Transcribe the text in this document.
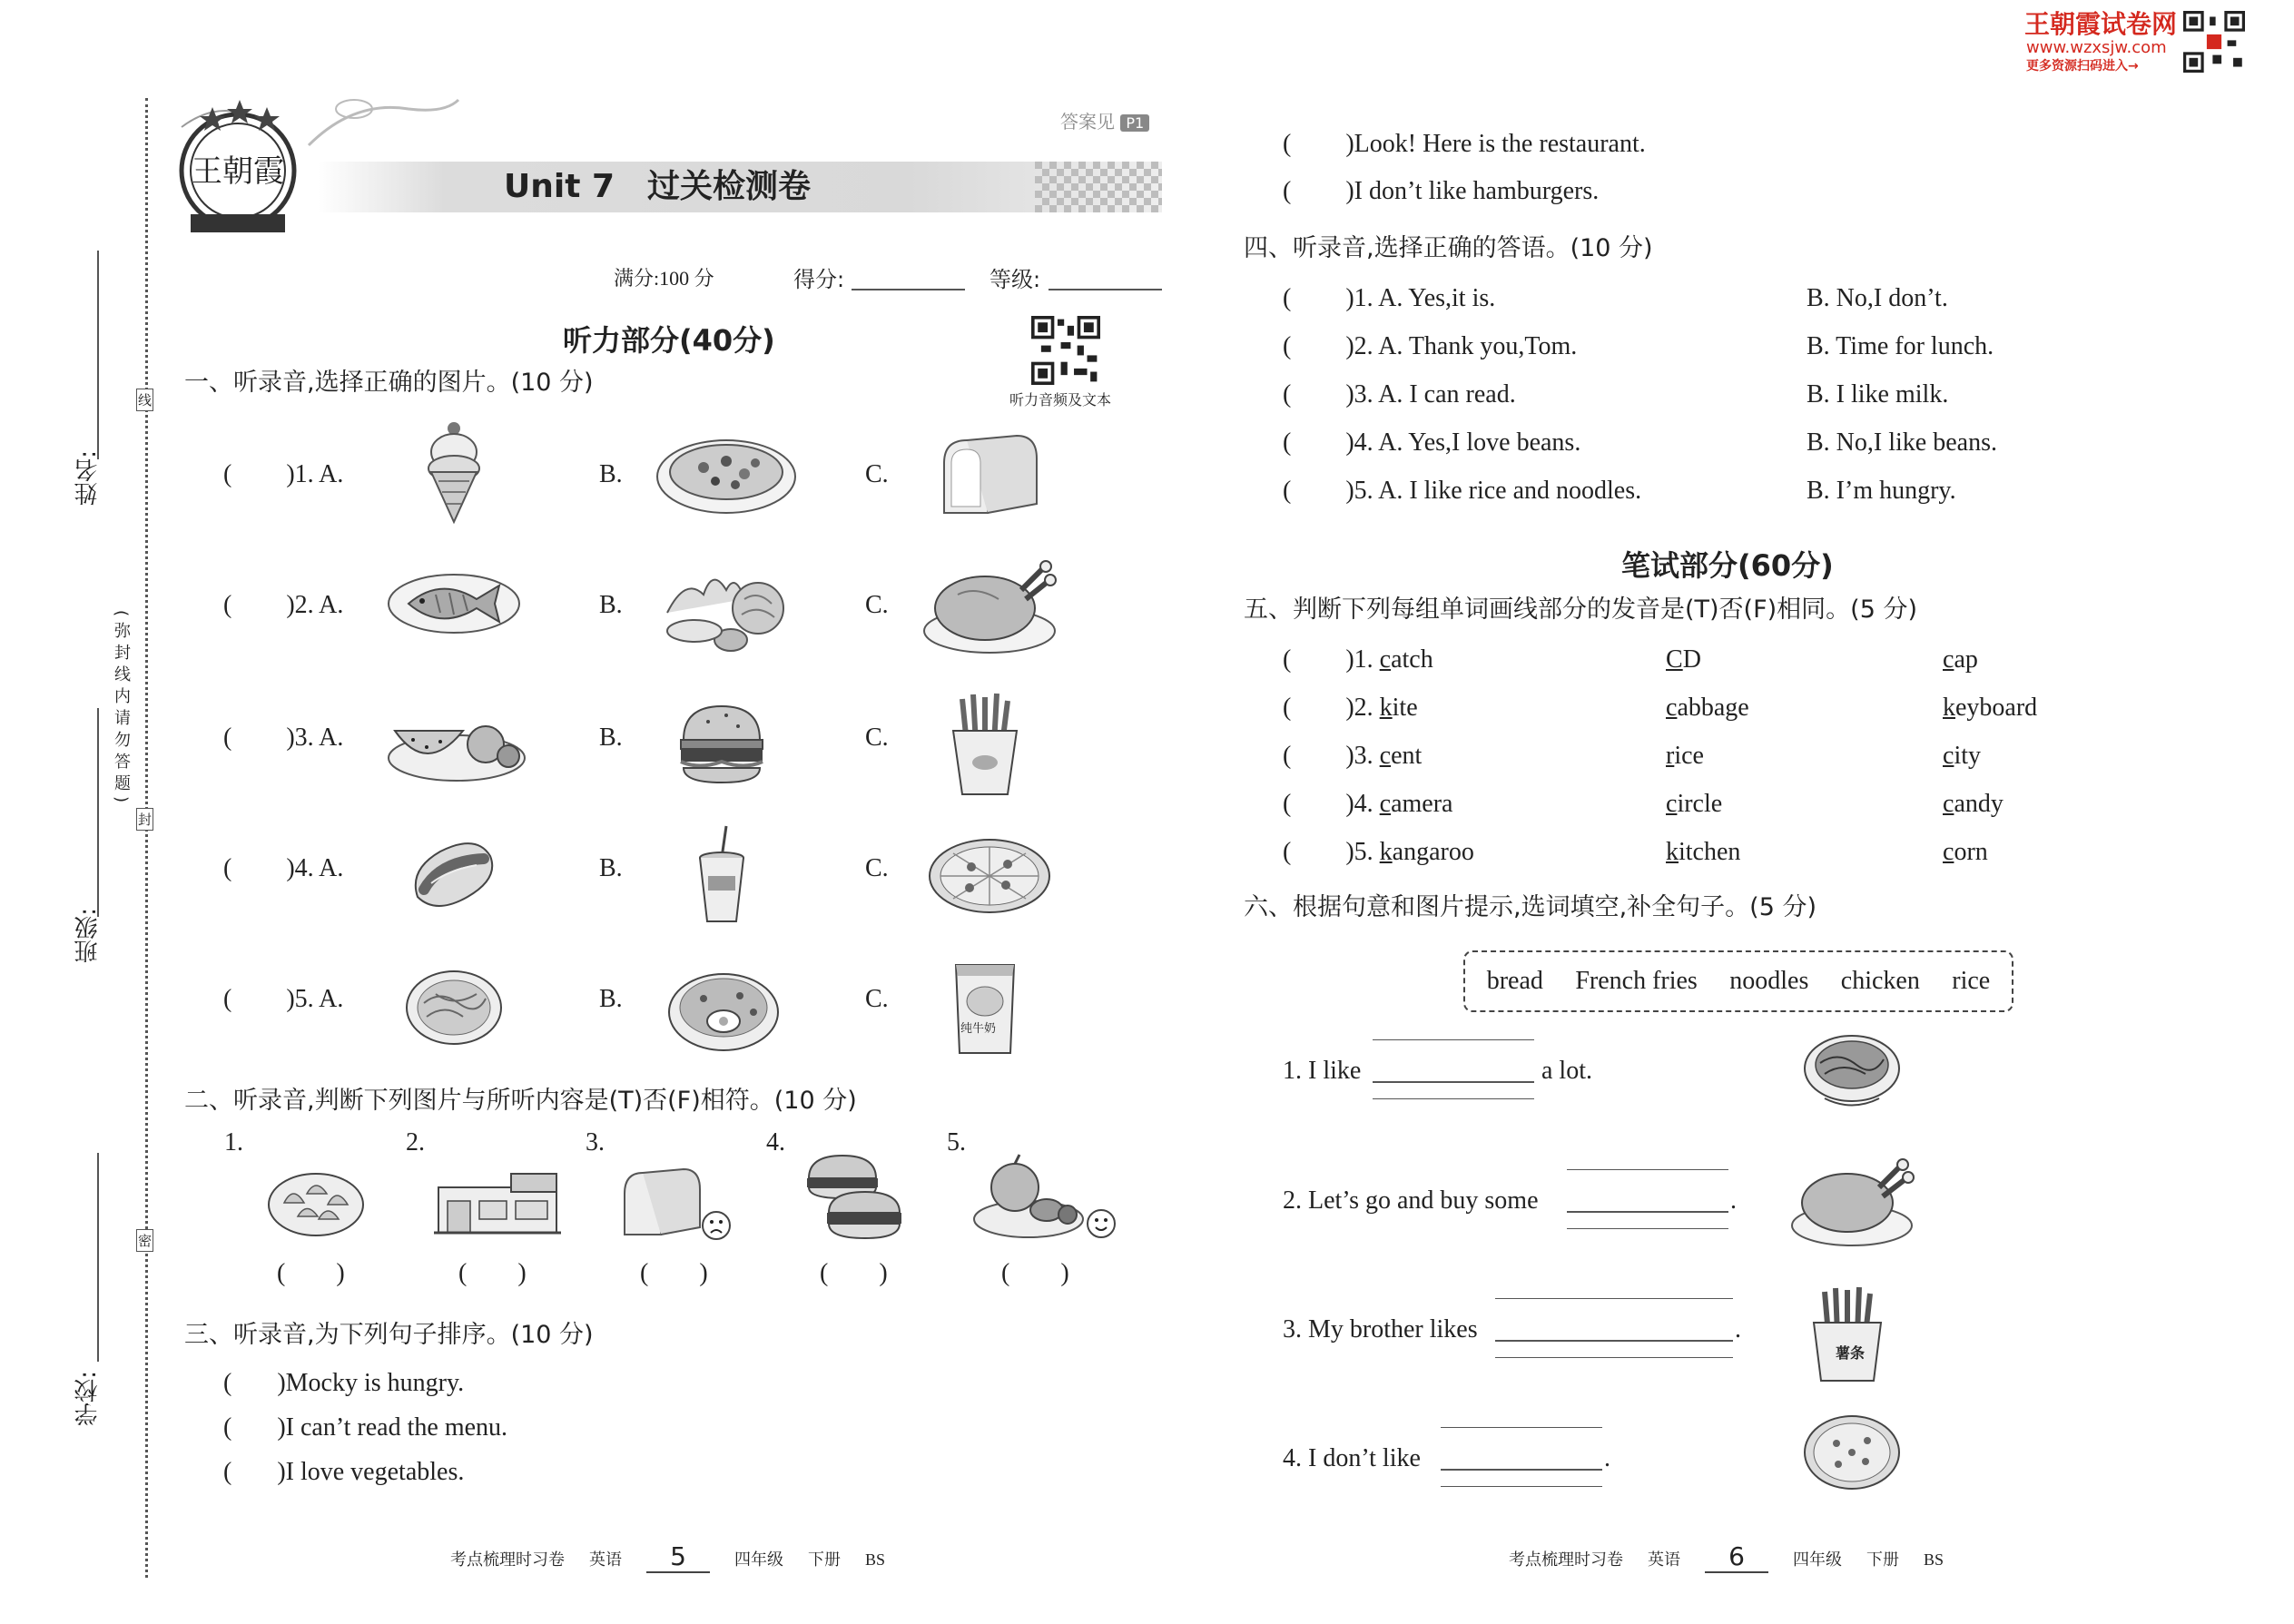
姓名:
班级:
学校:
(弥封线内请勿答题)
线
封
密
王朝霞	Unit 7　过关检测卷
答案见 P1
满分:100 分	得分:	等级:
听力音频及文本
王朝霞试卷网
www.wzxsjw.com
更多资源扫码进入→
听力部分(40分)
一、听录音,选择正确的图片。(10 分)
( )1. A.	B.	C.
( )2. A.	B.	C.
( )3. A.	B.	C.
( )4. A.	B.	C.
( )5. A.	B.	C.
纯牛奶
二、听录音,判断下列图片与所听内容是(T)否(F)相符。(10 分)
1.	2.	3.	4.	5.
(　　)	(　　)	(　　)	(　　)	(　　)
三、听录音,为下列句子排序。(10 分)
( )Mocky is hungry.
( )I can’t read the menu.
( )I love vegetables.
( )Look! Here is the restaurant.
( )I don’t like hamburgers.
四、听录音,选择正确的答语。(10 分)
( )1. A. Yes,it is.	B. No,I don’t.
( )2. A. Thank you,Tom.	B. Time for lunch.
( )3. A. I can read.	B. I like milk.
( )4. A. Yes,I love beans.	B. No,I like beans.
( )5. A. I like rice and noodles.	B. I’m hungry.
笔试部分(60分)
五、判断下列每组单词画线部分的发音是(T)否(F)相同。(5 分)
( )1. catch	CD	cap
( )2. kite	cabbage	keyboard
( )3. cent	rice	city
( )4. camera	circle	candy
( )5. kangaroo	kitchen	corn
六、根据句意和图片提示,选词填空,补全句子。(5 分)
bread French fries noodles chicken rice
1. I like	a lot.
2. Let’s go and buy some	.
3. My brother likes	.
薯条
4. I don’t like	.
考点梳理时习卷 英语 5	四年级 下册 BS	考点梳理时习卷 英语 6	四年级 下册 BS
